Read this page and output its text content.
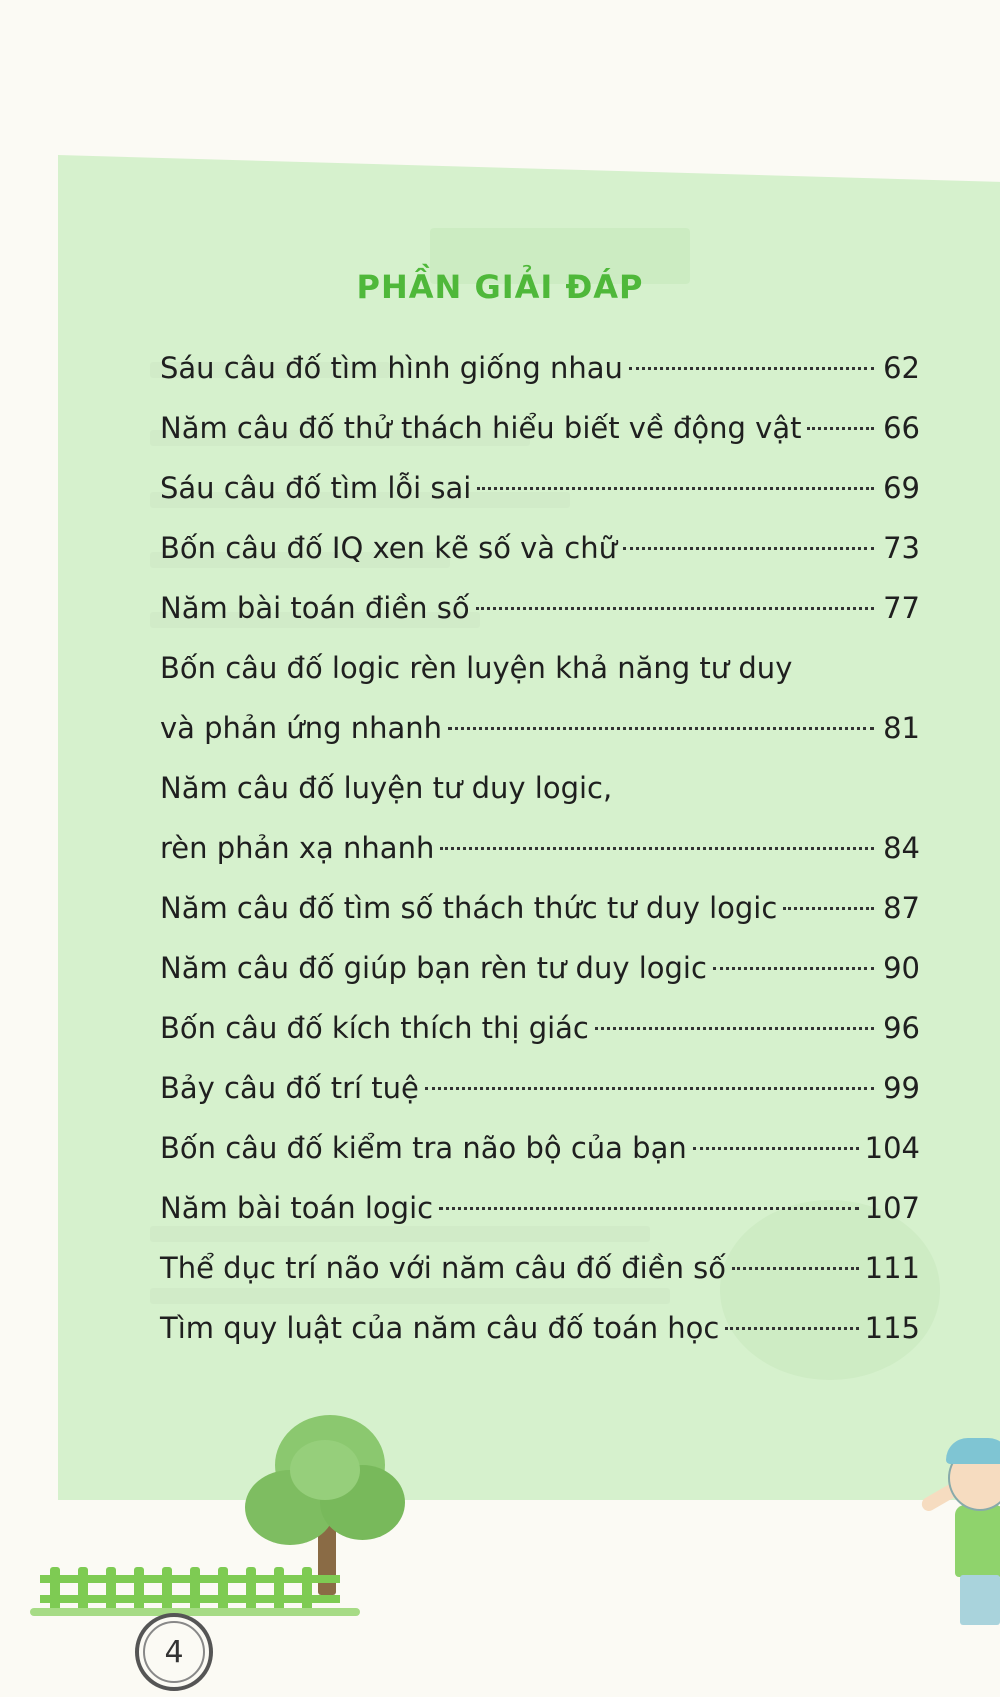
PHẦN GIẢI ĐÁP
Sáu câu đố tìm hình giống nhau	62
Năm câu đố thử thách hiểu biết về động vật	66
Sáu câu đố tìm lỗi sai	69
Bốn câu đố IQ xen kẽ số và chữ	73
Năm bài toán điền số	77
Bốn câu đố logic rèn luyện khả năng tư duy
và phản ứng nhanh	81
Năm câu đố luyện tư duy logic,
rèn phản xạ nhanh	84
Năm câu đố tìm số thách thức tư duy logic	87
Năm câu đố giúp bạn rèn tư duy logic	90
Bốn câu đố kích thích thị giác	96
Bảy câu đố trí tuệ	99
Bốn câu đố kiểm tra não bộ của bạn	104
Năm bài toán logic	107
Thể dục trí não với năm câu đố điền số	111
Tìm quy luật của năm câu đố toán học	115
4
